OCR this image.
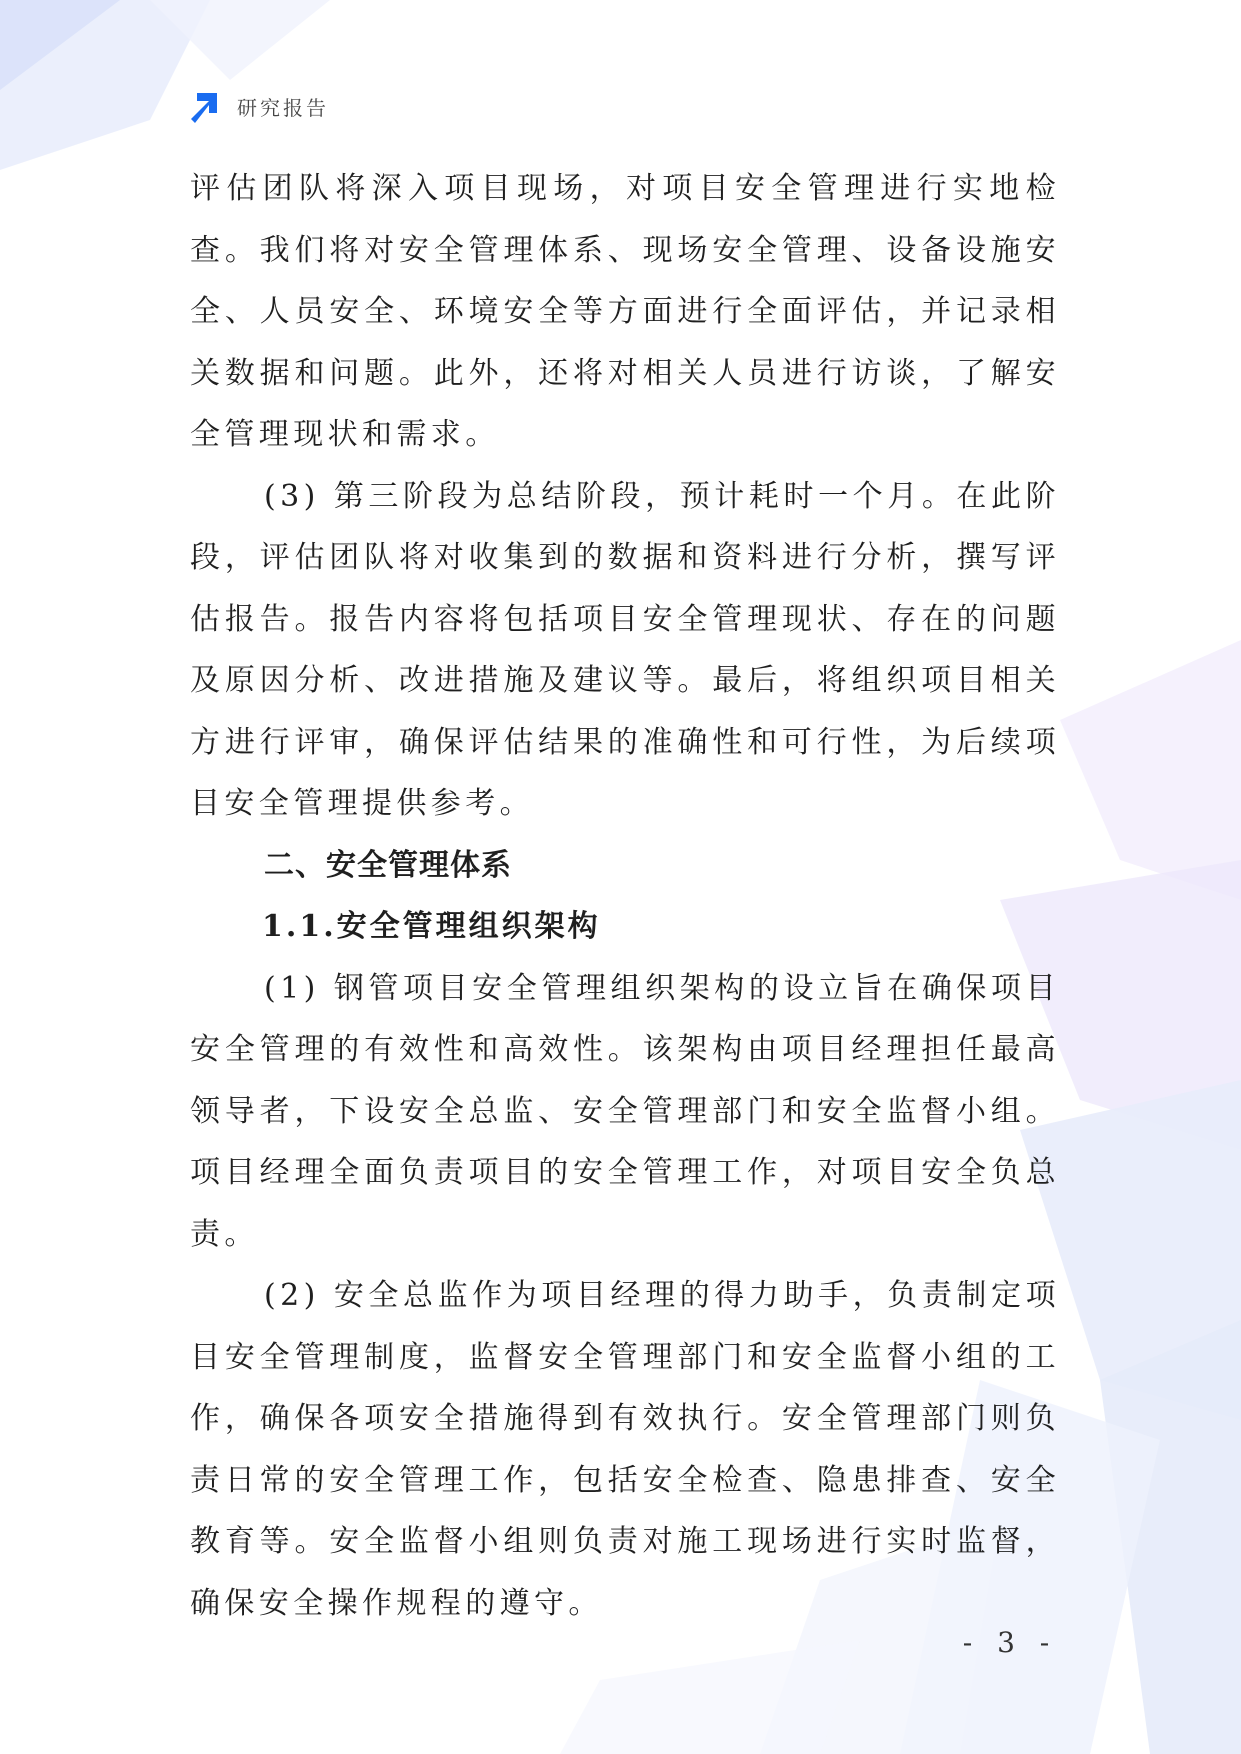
研究报告

评估团队将深入项目现场，对项目安全管理进行实地检查。我们将对安全管理体系、现场安全管理、设备设施安全、人员安全、环境安全等方面进行全面评估，并记录相关数据和问题。此外，还将对相关人员进行访谈，了解安全管理现状和需求。

(3) 第三阶段为总结阶段，预计耗时一个月。在此阶段，评估团队将对收集到的数据和资料进行分析，撰写评估报告。报告内容将包括项目安全管理现状、存在的问题及原因分析、改进措施及建议等。最后，将组织项目相关方进行评审，确保评估结果的准确性和可行性，为后续项目安全管理提供参考。

二、安全管理体系
1.1.安全管理组织架构

(1) 钢管项目安全管理组织架构的设立旨在确保项目安全管理的有效性和高效性。该架构由项目经理担任最高领导者，下设安全总监、安全管理部门和安全监督小组。项目经理全面负责项目的安全管理工作，对项目安全负总责。

(2) 安全总监作为项目经理的得力助手，负责制定项目安全管理制度，监督安全管理部门和安全监督小组的工作，确保各项安全措施得到有效执行。安全管理部门则负责日常的安全管理工作，包括安全检查、隐患排查、安全教育等。安全监督小组则负责对施工现场进行实时监督，确保安全操作规程的遵守。

- 3 -
